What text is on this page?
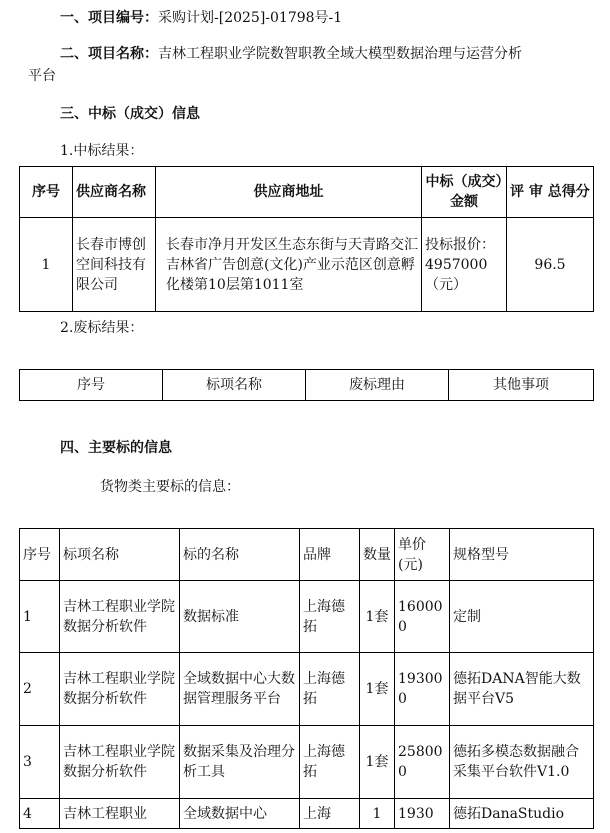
一、项目编号：采购计划-[2025]-01798号-1
二、项目名称：吉林工程职业学院数智职教全域大模型数据治理与运营分析
平台
三、中标（成交）信息
1.中标结果：
序号	供应商名称	供应商地址	中标（成交）金额	评 审 总得分
1	长春市博创空间科技有限公司	长春市净月开发区生态东街与天青路交汇吉林省广告创意(文化)产业示范区创意孵化楼第10层第1011室	投标报价：4957000（元）	96.5
2.废标结果：
序号	标项名称	废标理由	其他事项
四、主要标的信息
货物类主要标的信息：
序号	标项名称	标的名称	品牌	数量	单价(元)	规格型号
1	吉林工程职业学院数据分析软件	数据标准	上海德拓	1套	160000	定制
2	吉林工程职业学院数据分析软件	全域数据中心大数据管理服务平台	上海德拓	1套	193000	德拓DANA智能大数据平台V5
3	吉林工程职业学院数据分析软件	数据采集及治理分析工具	上海德拓	1套	258000	德拓多模态数据融合采集平台软件V1.0
4	吉林工程职业	全域数据中心	上海	1	1930	德拓DanaStudio
